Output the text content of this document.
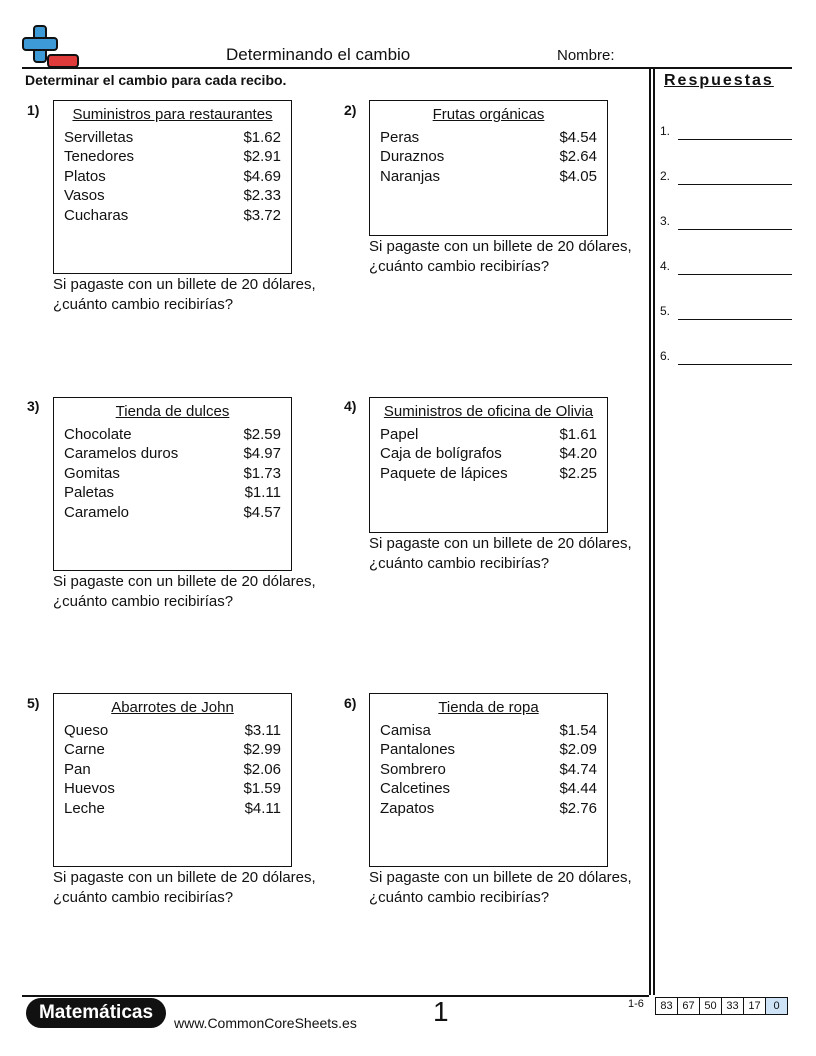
Determinando el cambio	Nombre:
Determinar el cambio para cada recibo.	Respuestas
1.
2.
3.
4.
5.
6.
1)	Suministros para restaurantes
Servilletas	$1.62
Tenedores	$2.91
Platos	$4.69
Vasos	$2.33
Cucharas	$3.72
Si pagaste con un billete de 20 dólares, ¿cuánto cambio recibirías?
2)	Frutas orgánicas
Peras	$4.54
Duraznos	$2.64
Naranjas	$4.05
Si pagaste con un billete de 20 dólares, ¿cuánto cambio recibirías?
3)	Tienda de dulces
Chocolate	$2.59
Caramelos duros	$4.97
Gomitas	$1.73
Paletas	$1.11
Caramelo	$4.57
Si pagaste con un billete de 20 dólares, ¿cuánto cambio recibirías?
4)	Suministros de oficina de Olivia
Papel	$1.61
Caja de bolígrafos	$4.20
Paquete de lápices	$2.25
Si pagaste con un billete de 20 dólares, ¿cuánto cambio recibirías?
5)	Abarrotes de John
Queso	$3.11
Carne	$2.99
Pan	$2.06
Huevos	$1.59
Leche	$4.11
Si pagaste con un billete de 20 dólares, ¿cuánto cambio recibirías?
6)	Tienda de ropa
Camisa	$1.54
Pantalones	$2.09
Sombrero	$4.74
Calcetines	$4.44
Zapatos	$2.76
Si pagaste con un billete de 20 dólares, ¿cuánto cambio recibirías?
Matemáticas	www.CommonCoreSheets.es	1	1-6	83 67 50 33 17	0
